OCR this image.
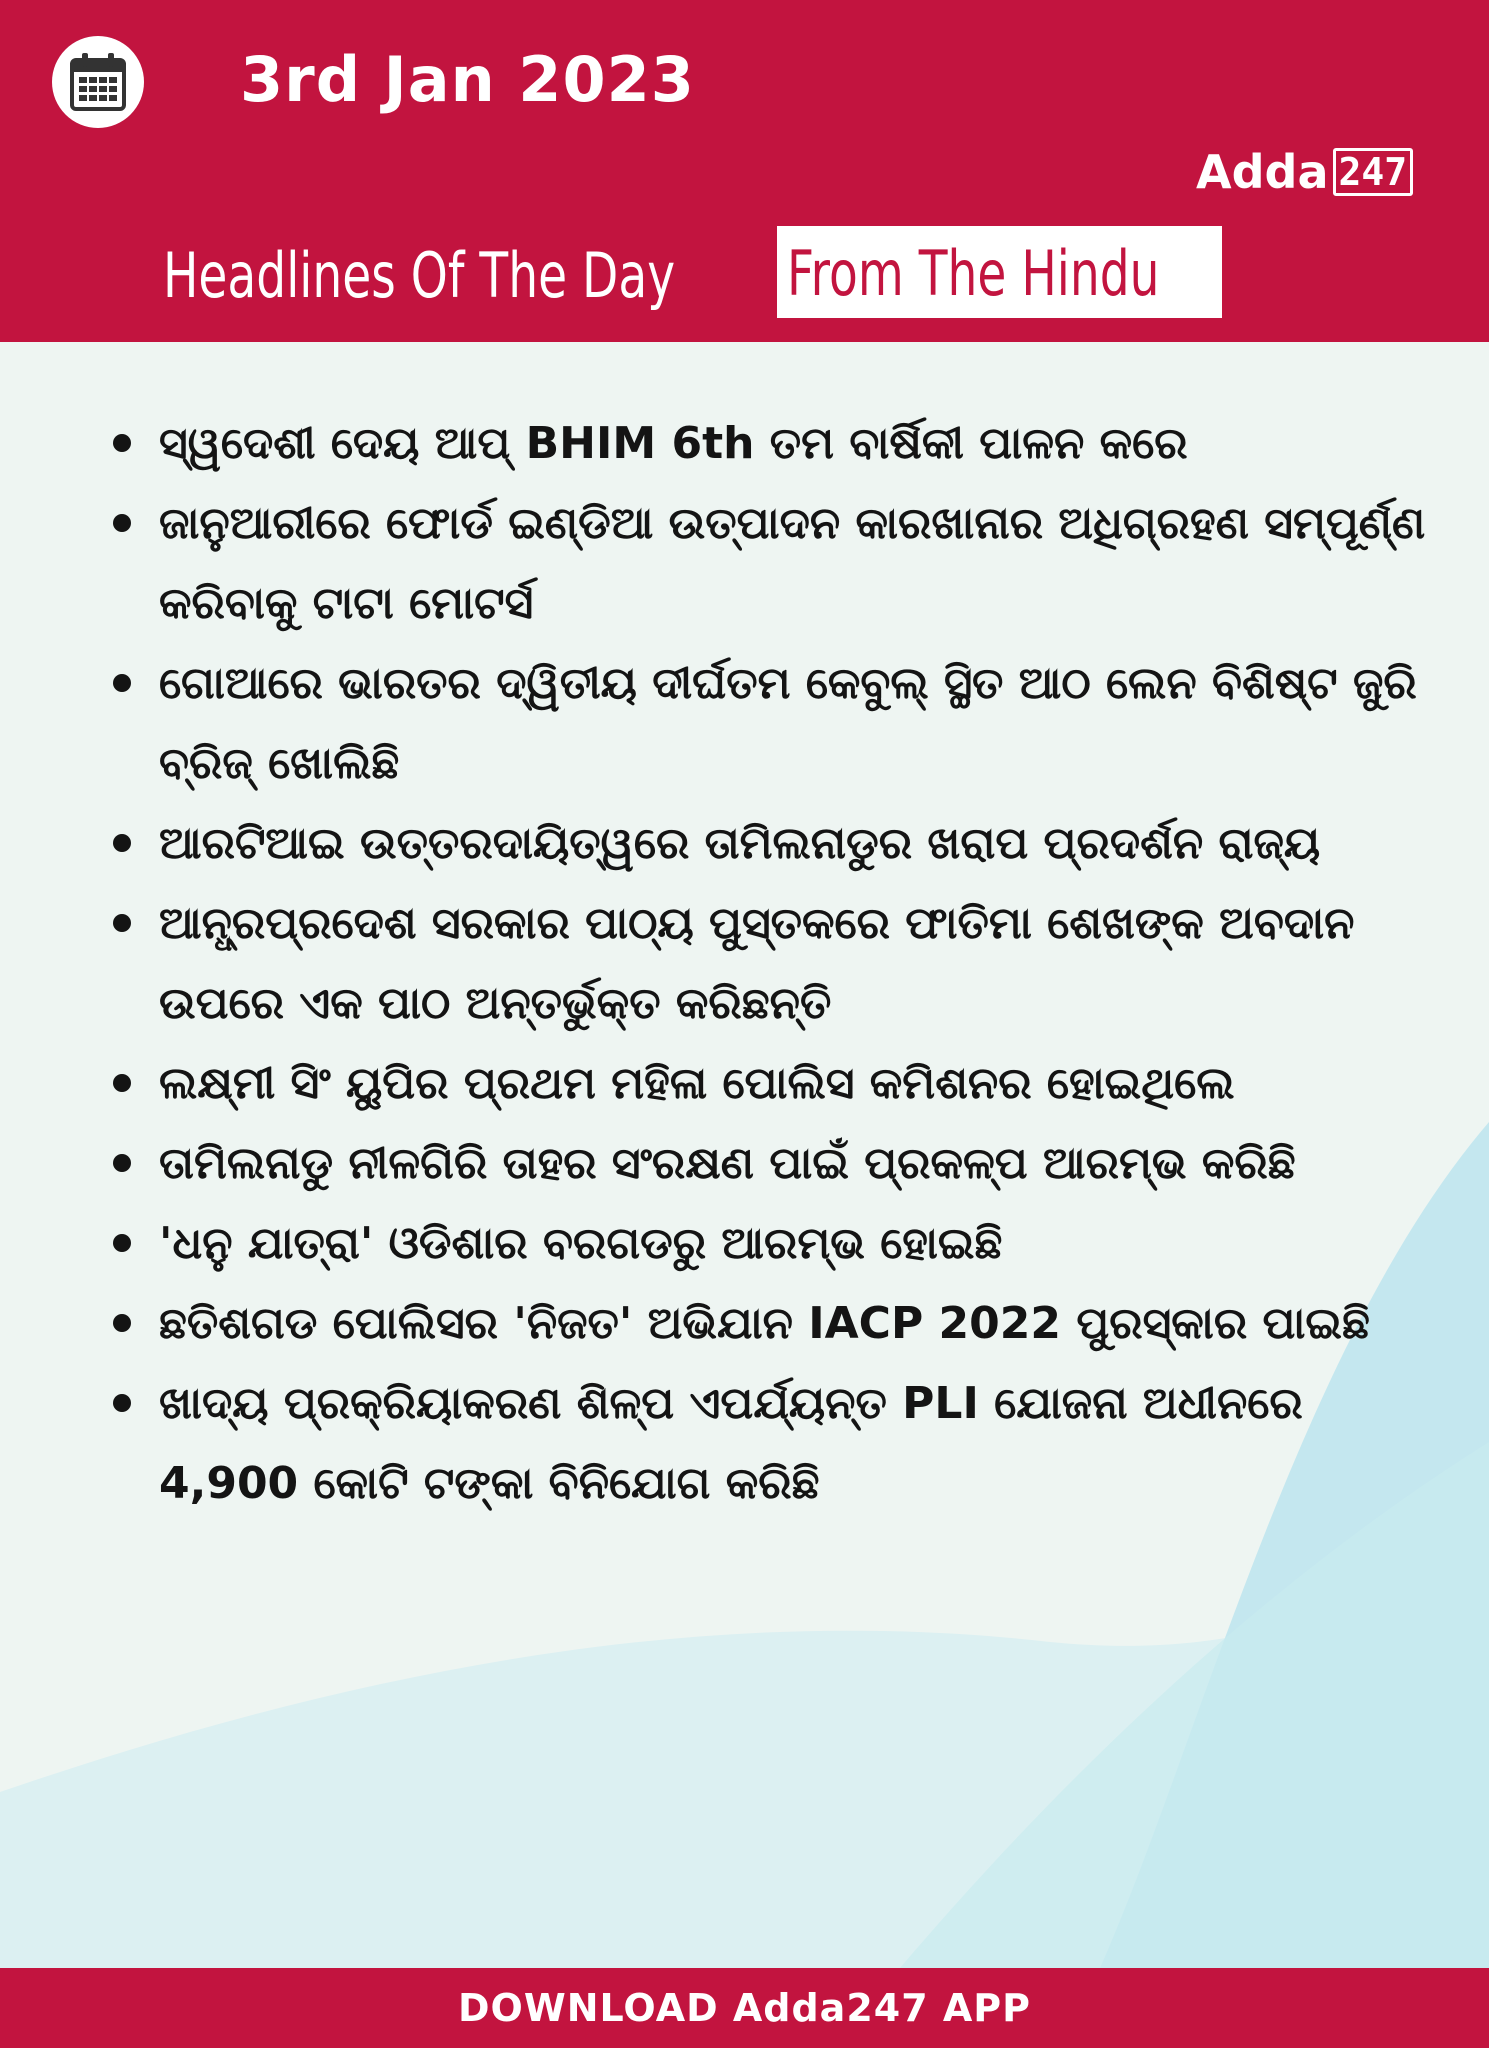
3rd Jan 2023
Adda 247
Headlines Of The Day From The Hindu
ସ୍ୱଦେଶୀ ଦେୟ ଆପ୍ BHIM 6th ତମ ବାର୍ଷିକୀ ପାଳନ କରେ
ଜାନୁଆରୀରେ ଫୋର୍ଡ ଇଣ୍ଡିଆ ଉତ୍ପାଦନ କାରଖାନାର ଅଧିଗ୍ରହଣ ସମ୍ପୂର୍ଣ୍ଣ କରିବାକୁ ଟାଟା ମୋଟର୍ସ
ଗୋଆରେ ଭାରତର ଦ୍ୱିତୀୟ ଦୀର୍ଘତମ କେବୁଲ୍ ସ୍ଥିତ ଆଠ ଲେନ ବିଶିଷ୍ଟ ଜୁରି ବ୍ରିଜ୍ ଖୋଲିଛି
ଆରଟିଆଇ ଉତ୍ତରଦାୟିତ୍ୱରେ ତାମିଲନାଡୁର ଖରାପ ପ୍ରଦର୍ଶନ ରାଜ୍ୟ
ଆନ୍ଧ୍ରପ୍ରଦେଶ ସରକାର ପାଠ୍ୟ ପୁସ୍ତକରେ ଫାତିମା ଶେଖଙ୍କ ଅବଦାନ ଉପରେ ଏକ ପାଠ ଅନ୍ତର୍ଭୁକ୍ତ କରିଛନ୍ତି
ଲକ୍ଷ୍ମୀ ସିଂ ୟୁପିର ପ୍ରଥମ ମହିଳା ପୋଲିସ କମିଶନର ହୋଇଥିଲେ
ତାମିଲନାଡୁ ନୀଳଗିରି ତାହର ସଂରକ୍ଷଣ ପାଇଁ ପ୍ରକଳ୍ପ ଆରମ୍ଭ କରିଛି
'ଧନୁ ଯାତ୍ରା' ଓଡିଶାର ବରଗଡରୁ ଆରମ୍ଭ ହୋଇଛି
ଛତିଶଗଡ ପୋଲିସର 'ନିଜତ' ଅଭିଯାନ IACP 2022 ପୁରସ୍କାର ପାଇଛି
ଖାଦ୍ୟ ପ୍ରକ୍ରିୟାକରଣ ଶିଳ୍ପ ଏପର୍ଯ୍ୟନ୍ତ PLI ଯୋଜନା ଅଧୀନରେ 4,900 କୋଟି ଟଙ୍କା ବିନିଯୋଗ କରିଛି
DOWNLOAD Adda247 APP
